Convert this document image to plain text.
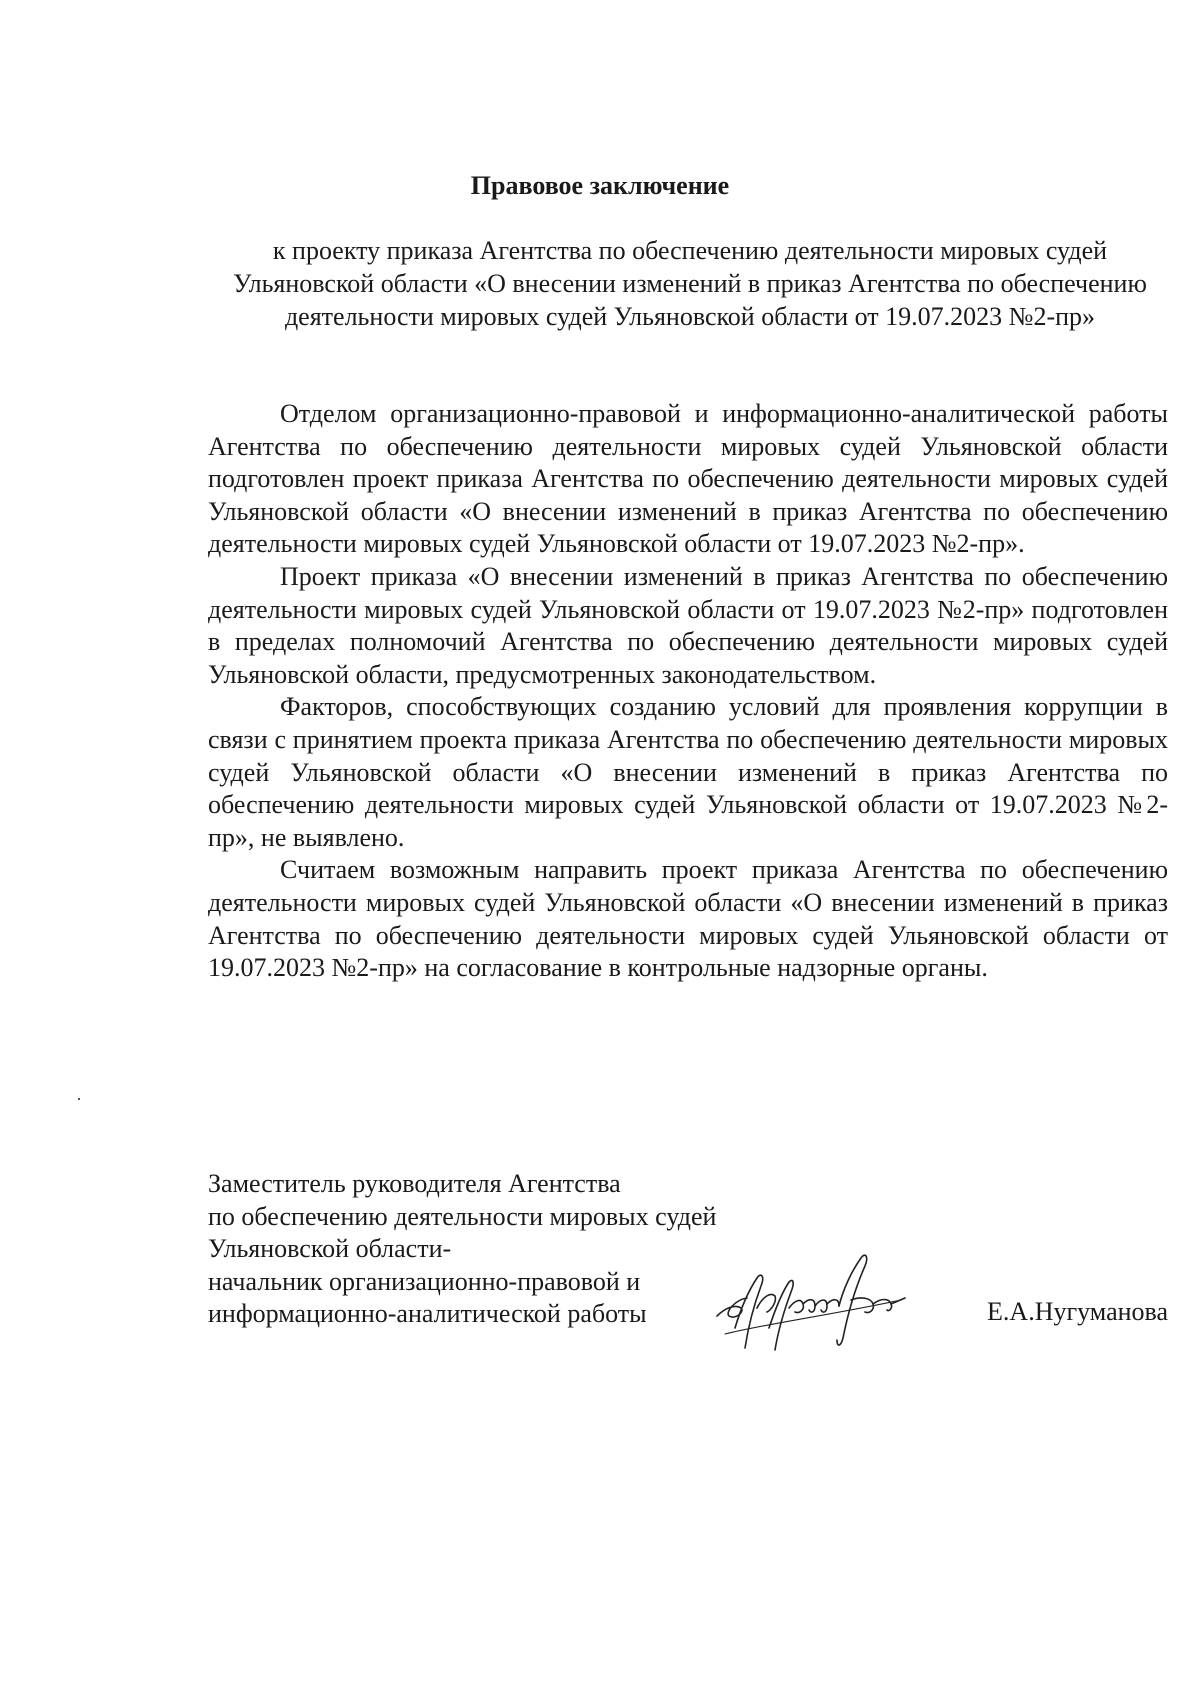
Правовое заключение
к проекту приказа Агентства по обеспечению деятельности мировых судей Ульяновской области «О внесении изменений в приказ Агентства по обеспечению деятельности мировых судей Ульяновской области от 19.07.2023 №2-пр»

Отделом организационно-правовой и информационно-аналитической работы Агентства по обеспечению деятельности мировых судей Ульяновской области подготовлен проект приказа Агентства по обеспечению деятельности мировых судей Ульяновской области «О внесении изменений в приказ Агентства по обеспечению деятельности мировых судей Ульяновской области от 19.07.2023 №2-пр».

Проект приказа «О внесении изменений в приказ Агентства по обеспечению деятельности мировых судей Ульяновской области от 19.07.2023 №2-пр» подготовлен в пределах полномочий Агентства по обеспечению деятельности мировых судей Ульяновской области, предусмотренных законодательством.

Факторов, способствующих созданию условий для проявления коррупции в связи с принятием проекта приказа Агентства по обеспечению деятельности мировых судей Ульяновской области «О внесении изменений в приказ Агентства по обеспечению деятельности мировых судей Ульяновской области от 19.07.2023 №2-пр», не выявлено.

Считаем возможным направить проект приказа Агентства по обеспечению деятельности мировых судей Ульяновской области «О внесении изменений в приказ Агентства по обеспечению деятельности мировых судей Ульяновской области от 19.07.2023 №2-пр» на согласование в контрольные надзорные органы.

Заместитель руководителя Агентства
по обеспечению деятельности мировых судей
Ульяновской области-
начальник организационно-правовой и
информационно-аналитической работы	Е.А.Нугуманова
